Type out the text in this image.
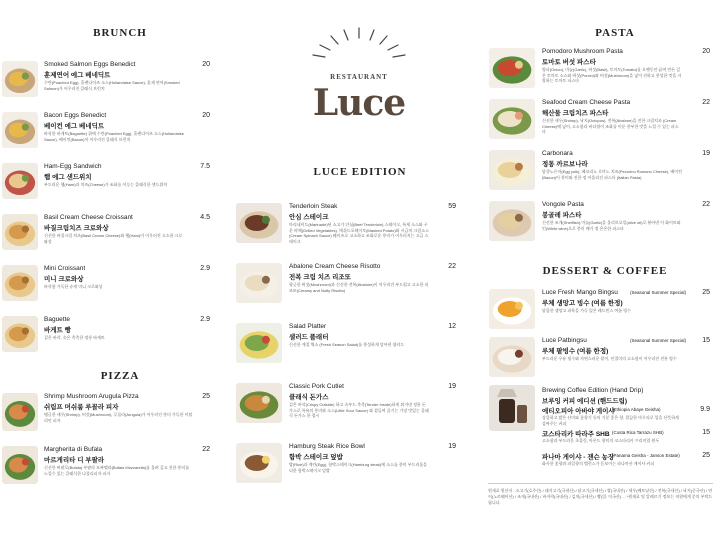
BRUNCH
Smoked Salmon Eggs Benedict
훈제연어 에그 베네딕트
수란(Poached Egg), 홀랜다이즈 소스(Hollandaise Sauce), 훈제 연어(Smoked Salmon)가 어우러진 클래식 브런치
20
Bacon Eggs Benedict
베이컨 에그 베네딕트
바삭한 바게트(Baguette) 위에 수란(Poached Egg), 홀랜다이즈 소스(Hollandaise Sauce), 베이컨(Bacon)이 어우러진 클래식 브런치
20
Ham-Egg Sandwich
햄 에그 샌드위치
부드러운 햄(Ham)과 치즈(Cheese)가 조화를 이루는 클래식한 샌드위치
7.5
Basil Cream Cheese Croissant
바질크림치즈 크로와상
신선한 바질크림 치즈(Basil Cream Cheese)와 햄(Ham)이 어우러진 고소한 크로와상
4.5
Mini Croissant
미니 크로와상
바삭함 가득한 슈게 미니 크로와상
2.9
Baguette
바게트 빵
겉은 바삭, 속은 촉촉한 정통 바게트
2.9
PIZZA
Shrimp Mushroom Arugula Pizza
쉬림프 머쉬룸 루꼴라 피자
탱글한 새우(Shrimp), 버섯(Mushroom), 루꼴라(Arugula)가 어우러진 풍미 가득한 이탈리안 피자
25
Margherita di Bufala
마르게리타 디 부팔라
신선한 버팔로(Bufala) 부팔라 모짜렐라(Bufala Mozzarella)를 올려 깊고 진한 풍미를 느낄수 있는 클래식한 나폴리피자 피자
22
RESTAURANT
Luce
LUCE EDITION
Tenderloin Steak
안심 스테이크
마리네이드(Marinade)된 소고기 안심(Beef Tenderloin) 스테이크, 특제 소스와 구운 야채(Grilled Vegetables), 매쉬드포테이토(Mashed Potato)와 시금치 크림소스 (Cream Spinach Sauce) 웨이즈로 고소하고 조화로운 풍미가 어우러지는 고급 스테이크
59
Abalone Cream Cheese Risotto
전복 크림 치즈 리조또
향긋한 버섯(Mushroom)과 신선한 전복(Abalone)이 어우러진 부드럽고 고소한 리조또(Creamy and Nutty Risotto)
22
Salad Platter
샐러드 플래터
신선한 계절 채소 (Fresh Season Salad)를 풍성하게 담아낸 샐러드
12
Classic Pork Cutlet
클래식 돈가스
겉은 바삭(Crispy Outside) 하고 속부드 촉촉(Tender Inside)하게 튀겨낸 정통 돈가스로 특유의 풍미와 소스(Little Sour Sauce) 와 곁들여 즐기는 가장 맛있는 클래식 돈가스 한 접시
19
Hamburg Steak Rice Bowl
함박 스테이크 덮밥
밥(Rice)과 계란(Egg), 함박스테이크(Hamburg steak)에 소스를 풍미 부드러움을 더한 함박스테이크 덮밥
19
PASTA
Pomodoro Mushroom Pasta
토마토 버섯 파스타
양파(Onion), 마늘(Garlic), 버섯(Basil), 토마토(Tomato)를 오랫동안 끓여 만든 깊은 토마토 소스와 버섯(Porcini)와 버섯(Mushroom)을 넣어 진하고 풍성한 맛을 자랑하는 토마토 파스타
20
Seafood Cream Cheese Pasta
해산물 크림치즈 파스타
신선한 새우(Shrimp), 낙지(Octopus), 전복(Abalone)을 진한 크림치즈 (Cream Cheese)에 넣어, 고소함과 바다향이 조화를 이룬 풍부한 맛을 느낄 수 있는 파스타
22
Carbonara
정통 까르보나라
달걀노른자(Egg yolk), 페코리노 로마노 치즈(Pecorino Romano Cheese), 베이컨(Bacon)이 풍미와 진한 정 어울리진 파스타 (Italian Pasta)
19
Vongole Pasta
봉골레 파스타
신선한 조개(Shellfish),마늘(Garlic)을 올리브오일(olive oil)로 볶아낸 이 화이트와인(White wine)으로 풍미 배가 정 은은한 파스타
22
DESSERT & COFFEE
Luce Fresh Mango Bingsu	(Seasonal Summer Special)
루체 생망고 빙수 (여름 한정)
달콤한 생망고 과육을 가득 얹은 레드빈스 여름 빙수
25
Luce Patbingsu	(Seasonal Summer Special)
루체 팥빙수 (여름 한정)
부드러운 우유 빙수와 자연스러운 팥이, 인절미의 고소함이 어우러진 전통 빙수
15
Brewing Coffee Edition (Hand Drip)
브루잉 커피 에디션 (핸드드립)
에티오피아 아바야 게이샤
(Ethiopia Abaye Geisha)
상큼하고 밝은 산미와 꽃향기 등의 기분 좋은 향, 깔끔한 마무리로 입을 산뜻하게 감싸주는 커피
9.9
코스타리카 따라주 SHB (Costa Rica Tarrazu SHB)
고소함과 부드러운 초콜릿, 아몬드 향미의 코스타리카 프리미엄 원두
15
파나마 게이샤 - 잰슨 농장
(Panama Geisha - Janson Estate)
화사한 꽃향과 과일향의 밸런스가 돋보이는 파나마산 게이샤 커피
25
원재료 원산지 : 소고기(호주산) / 돼지고기(국내산) / 닭고기(국내산) / 쌀(국내산) / 새우(베트남산) / 전복(국내산) / 낙지(중국산) / 연어(노르웨이산) / 조개(국내산) / 바지락(국내산) / 김치(국내산) / 빵(밀: 미국산) ... *원재료 및 알레르기 정보는 직원에게 문의 부탁드립니다.
